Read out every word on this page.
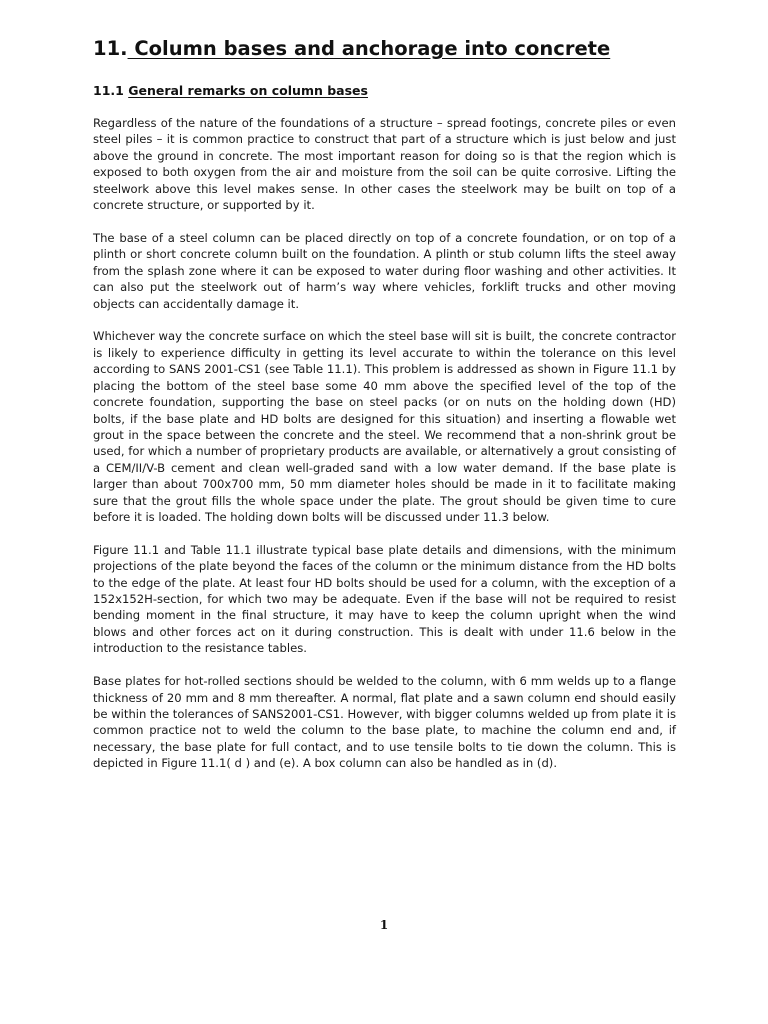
11. Column bases and anchorage into concrete
11.1 General remarks on column bases

Regardless of the nature of the foundations of a structure – spread footings, concrete piles or even steel piles – it is common practice to construct that part of a structure which is just below and just above the ground in concrete. The most important reason for doing so is that the region which is exposed to both oxygen from the air and moisture from the soil can be quite corrosive. Lifting the steelwork above this level makes sense. In other cases the steelwork may be built on top of a concrete structure, or supported by it.

The base of a steel column can be placed directly on top of a concrete foundation, or on top of a plinth or short concrete column built on the foundation. A plinth or stub column lifts the steel away from the splash zone where it can be exposed to water during floor washing and other activities. It can also put the steelwork out of harm’s way where vehicles, forklift trucks and other moving objects can accidentally damage it.

Whichever way the concrete surface on which the steel base will sit is built, the concrete contractor is likely to experience difficulty in getting its level accurate to within the tolerance on this level according to SANS 2001-CS1 (see Table 11.1). This problem is addressed as shown in Figure 11.1 by placing the bottom of the steel base some 40 mm above the specified level of the top of the concrete foundation, supporting the base on steel packs (or on nuts on the holding down (HD) bolts, if the base plate and HD bolts are designed for this situation) and inserting a flowable wet grout in the space between the concrete and the steel. We recommend that a non-shrink grout be used, for which a number of proprietary products are available, or alternatively a grout consisting of a CEM/II/V-B cement and clean well-graded sand with a low water demand. If the base plate is larger than about 700x700 mm, 50 mm diameter holes should be made in it to facilitate making sure that the grout fills the whole space under the plate. The grout should be given time to cure before it is loaded. The holding down bolts will be discussed under 11.3 below.

Figure 11.1 and Table 11.1 illustrate typical base plate details and dimensions, with the minimum projections of the plate beyond the faces of the column or the minimum distance from the HD bolts to the edge of the plate. At least four HD bolts should be used for a column, with the exception of a 152x152H-section, for which two may be adequate. Even if the base will not be required to resist bending moment in the final structure, it may have to keep the column upright when the wind blows and other forces act on it during construction. This is dealt with under 11.6 below in the introduction to the resistance tables.

Base plates for hot-rolled sections should be welded to the column, with 6 mm welds up to a flange thickness of 20 mm and 8 mm thereafter. A normal, flat plate and a sawn column end should easily be within the tolerances of SANS2001-CS1. However, with bigger columns welded up from plate it is common practice not to weld the column to the base plate, to machine the column end and, if necessary, the base plate for full contact, and to use tensile bolts to tie down the column. This is depicted in Figure 11.1( d ) and (e). A box column can also be handled as in (d).

1
